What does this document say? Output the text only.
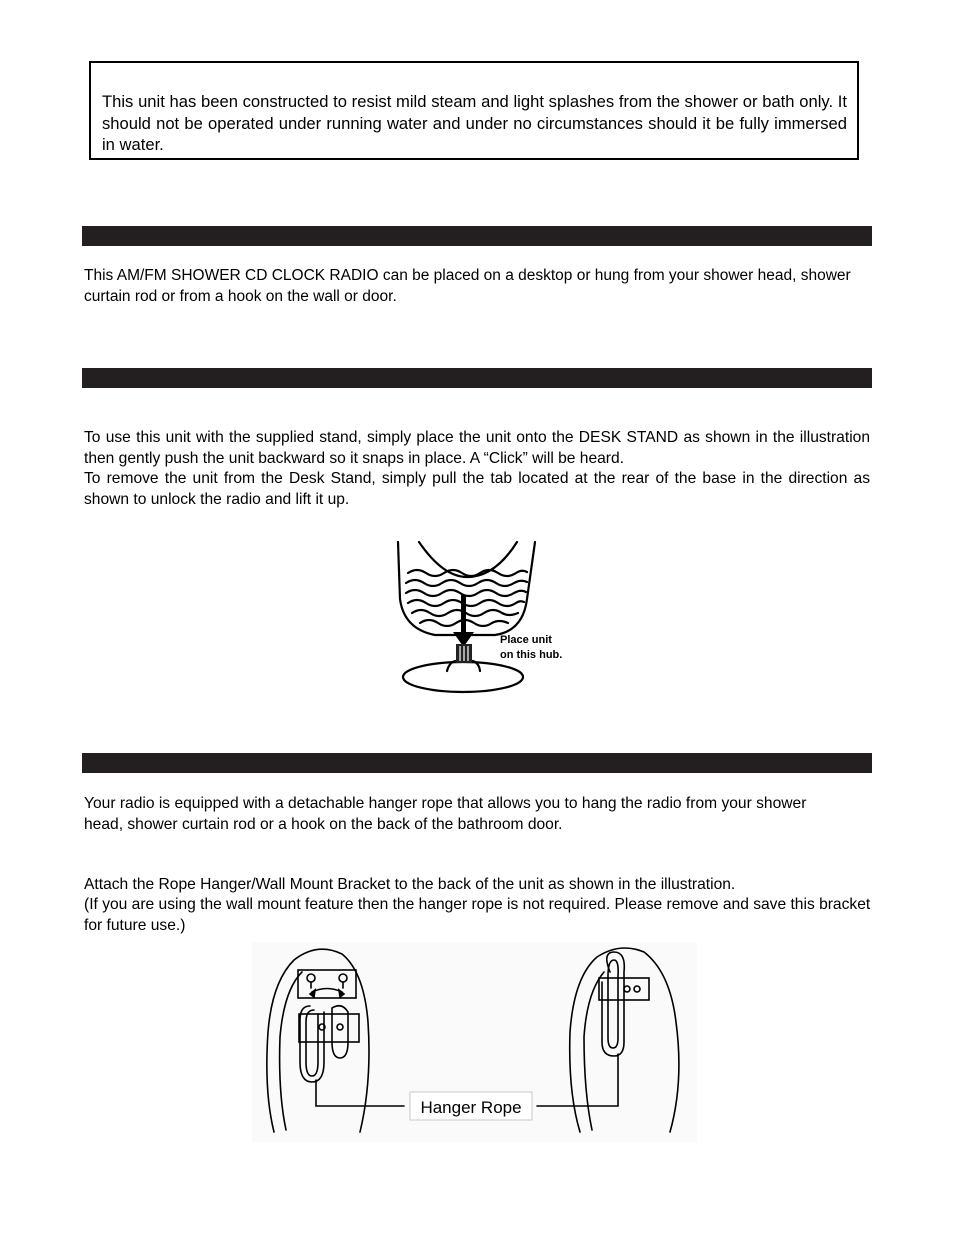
This unit has been constructed to resist mild steam and light splashes from the shower or bath only. It should not be operated under running water and under no circumstances should it be fully immersed in water.

This AM/FM SHOWER CD CLOCK RADIO can be placed on a desktop or hung from your shower head, shower curtain rod or from a hook on the wall or door.

To use this unit with the supplied stand, simply place the unit onto the DESK STAND as shown in the illustration then gently push the unit backward so it snaps in place. A “Click” will be heard.

To remove the unit from the Desk Stand, simply pull the tab located at the rear of the base in the direction as shown to unlock the radio and lift it up.

Place unit
on this hub.

Your radio is equipped with a detachable hanger rope that allows you to hang the radio from your shower head, shower curtain rod or a hook on the back of the bathroom door.

Attach the Rope Hanger/Wall Mount Bracket to the back of the unit as shown in the illustration.

(If you are using the wall mount feature then the hanger rope is not required. Please remove and save this bracket for future use.)

Hanger Rope
